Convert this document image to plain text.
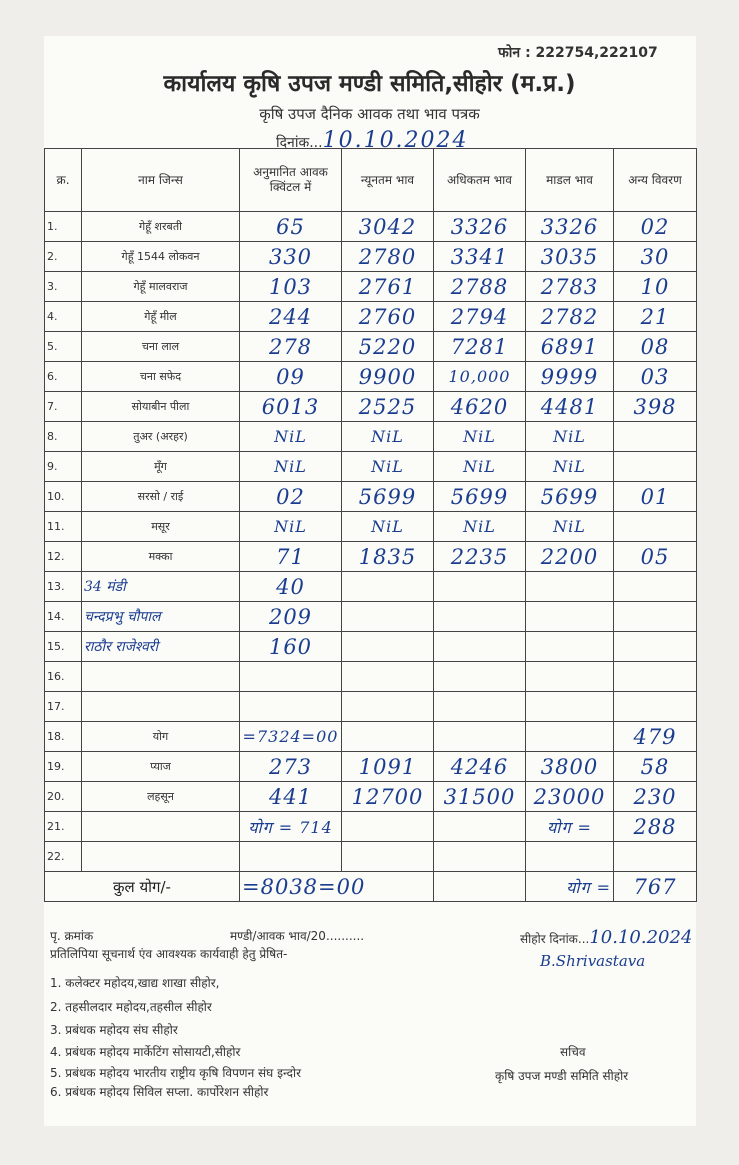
फोन : 222754,222107
कार्यालय कृषि उपज मण्डी समिति,सीहोर (म.प्र.)
कृषि उपज दैनिक आवक तथा भाव पत्रक
दिनांक...10.10.2024
क्र.	नाम जिन्स	अनुमानित आवक क्विंटल में	न्यूनतम भाव	अधिकतम भाव	माडल भाव	अन्य विवरण
1.	गेहूँ शरबती	65	3042	3326	3326	02
2.	गेहूँ 1544 लोकवन	330	2780	3341	3035	30
3.	गेहूँ मालवराज	103	2761	2788	2783	10
4.	गेहूँ मील	244	2760	2794	2782	21
5.	चना लाल	278	5220	7281	6891	08
6.	चना सफेद	09	9900	10,000	9999	03
7.	सोयाबीन पीला	6013	2525	4620	4481	398
8.	तुअर (अरहर)	NiL	NiL	NiL	NiL	
9.	मूँग	NiL	NiL	NiL	NiL	
10.	सरसो / राई	02	5699	5699	5699	01
11.	मसूर	NiL	NiL	NiL	NiL	
12.	मक्का	71	1835	2235	2200	05
13.	34 मंडी	40				
14.	चन्दप्रभु चौपाल	209				
15.	राठौर राजेश्वरी	160				
16.						
17.						
18.	योग	=7324=00				479
19.	प्याज	273	1091	4246	3800	58
20.	लहसून	441	12700	31500	23000	230
21.		योग = 714			योग =	288
22.						
कुल योग/-		=8038=00			योग =	767
पृ. क्रमांक	मण्डी/आवक भाव/20..........	सीहोर दिनांक...10.10.2024
प्रतिलिपिया सूचनार्थ एंव आवश्यक कार्यवाही हेतु प्रेषित-
1. कलेक्टर महोदय,खाद्य शाखा सीहोर,
2. तहसीलदार महोदय,तहसील सीहोर
3. प्रबंधक महोदय संघ सीहोर
4. प्रबंधक महोदय मार्केटिंग सोसायटी,सीहोर
5. प्रबंधक महोदय भारतीय राष्ट्रीय कृषि विपणन संघ इन्दोर
6. प्रबंधक महोदय सिविल सप्ला. कार्पोरेशन सीहोर
सचिव
कृषि उपज मण्डी समिति सीहोर
B.Shrivastava
